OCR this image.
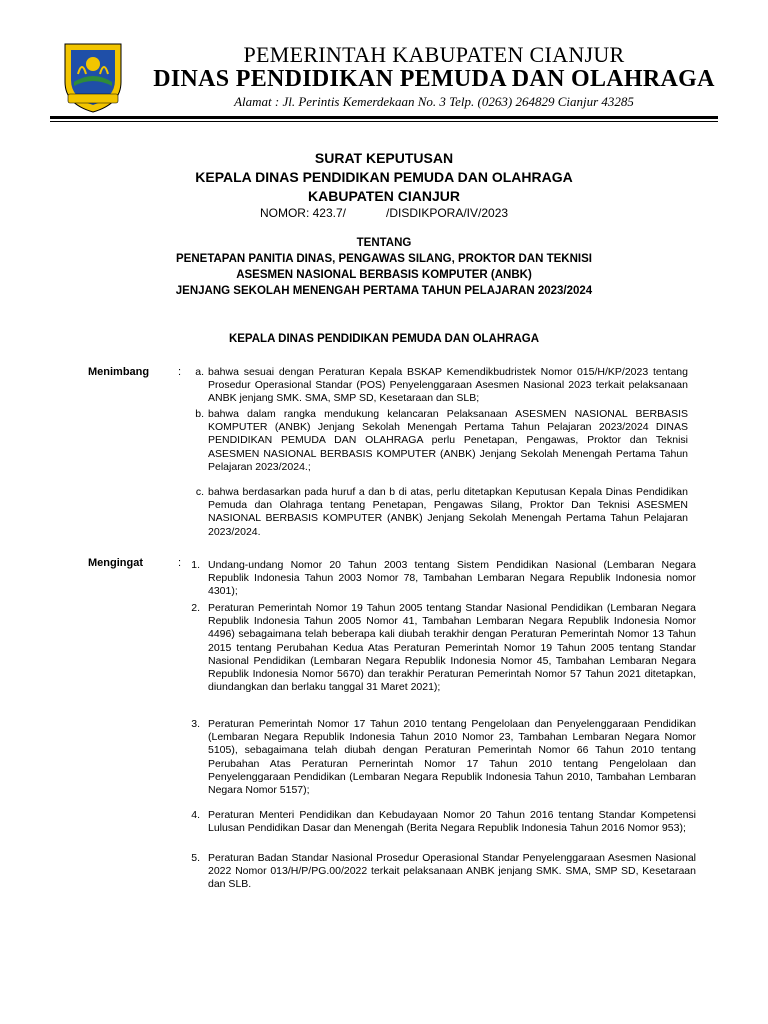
PEMERINTAH KABUPATEN CIANJUR
DINAS PENDIDIKAN PEMUDA DAN OLAHRAGA
Alamat : Jl. Perintis Kemerdekaan No. 3 Telp. (0263) 264829 Cianjur 43285
SURAT KEPUTUSAN
KEPALA DINAS PENDIDIKAN PEMUDA DAN OLAHRAGA
KABUPATEN CIANJUR
NOMOR: 423.7/	/DISDIKPORA/IV/2023
TENTANG
PENETAPAN PANITIA DINAS, PENGAWAS SILANG, PROKTOR DAN TEKNISI
ASESMEN NASIONAL BERBASIS KOMPUTER (ANBK)
JENJANG SEKOLAH MENENGAH PERTAMA TAHUN PELAJARAN 2023/2024
KEPALA DINAS PENDIDIKAN PEMUDA DAN OLAHRAGA
Menimbang	:	a. bahwa sesuai dengan Peraturan Kepala BSKAP Kemendikbudristek Nomor 015/H/KP/2023 tentang Prosedur Operasional Standar (POS) Penyelenggaraan Asesmen Nasional 2023 terkait pelaksanaan ANBK jenjang SMK. SMA, SMP SD, Kesetaraan dan SLB;
b. bahwa dalam rangka mendukung kelancaran Pelaksanaan ASESMEN NASIONAL BERBASIS KOMPUTER (ANBK) Jenjang Sekolah Menengah Pertama Tahun Pelajaran 2023/2024 DINAS PENDIDIKAN PEMUDA DAN OLAHRAGA perlu Penetapan, Pengawas, Proktor dan Teknisi ASESMEN NASIONAL BERBASIS KOMPUTER (ANBK) Jenjang Sekolah Menengah Pertama Tahun Pelajaran 2023/2024.;
c. bahwa berdasarkan pada huruf a dan b di atas, perlu ditetapkan Keputusan Kepala Dinas Pendidikan Pemuda dan Olahraga tentang Penetapan, Pengawas Silang, Proktor Dan Teknisi ASESMEN NASIONAL BERBASIS KOMPUTER (ANBK) Jenjang Sekolah Menengah Pertama Tahun Pelajaran 2023/2024.
Mengingat	: 1. Undang-undang Nomor 20 Tahun 2003 tentang Sistem Pendidikan Nasional (Lembaran Negara Republik Indonesia Tahun 2003 Nomor 78, Tambahan Lembaran Negara Republik Indonesia nomor 4301);
2. Peraturan Pemerintah Nomor 19 Tahun 2005 tentang Standar Nasional Pendidikan (Lembaran Negara Republik Indonesia Tahun 2005 Nomor 41, Tambahan Lembaran Negara Republik Indonesia Nomor 4496) sebagaimana telah beberapa kali diubah terakhir dengan Peraturan Pemerintah Nomor 13 Tahun 2015 tentang Perubahan Kedua Atas Peraturan Pemerintah Nomor 19 Tahun 2005 tentang Standar Nasional Pendidikan (Lembaran Negara Republik Indonesia Nomor 45, Tambahan Lembaran Negara Republik Indonesia Nomor 5670) dan terakhir Peraturan Pemerintah Nomor 57 Tahun 2021 ditetapkan, diundangkan dan berlaku tanggal 31 Maret 2021);
3. Peraturan Pemerintah Nomor 17 Tahun 2010 tentang Pengelolaan dan Penyelenggaraan Pendidikan (Lembaran Negara Republik Indonesia Tahun 2010 Nomor 23, Tambahan Lembaran Negara Nomor 5105), sebagaimana telah diubah dengan Peraturan Pemerintah Nomor 66 Tahun 2010 tentang Perubahan Atas Peraturan Pernerintah Nomor 17 Tahun 2010 tentang Pengelolaan dan Penyelenggaraan Pendidikan (Lembaran Negara Republik Indonesia Tahun 2010, Tambahan Lembaran Negara Nomor 5157);
4. Peraturan Menteri Pendidikan dan Kebudayaan Nomor 20 Tahun 2016 tentang Standar Kompetensi Lulusan Pendidikan Dasar dan Menengah (Berita Negara Republik Indonesia Tahun 2016 Nomor 953);
5. Peraturan Badan Standar Nasional Prosedur Operasional Standar Penyelenggaraan Asesmen Nasional 2022 Nomor 013/H/P/PG.00/2022 terkait pelaksanaan ANBK jenjang SMK. SMA, SMP SD, Kesetaraan dan SLB.
